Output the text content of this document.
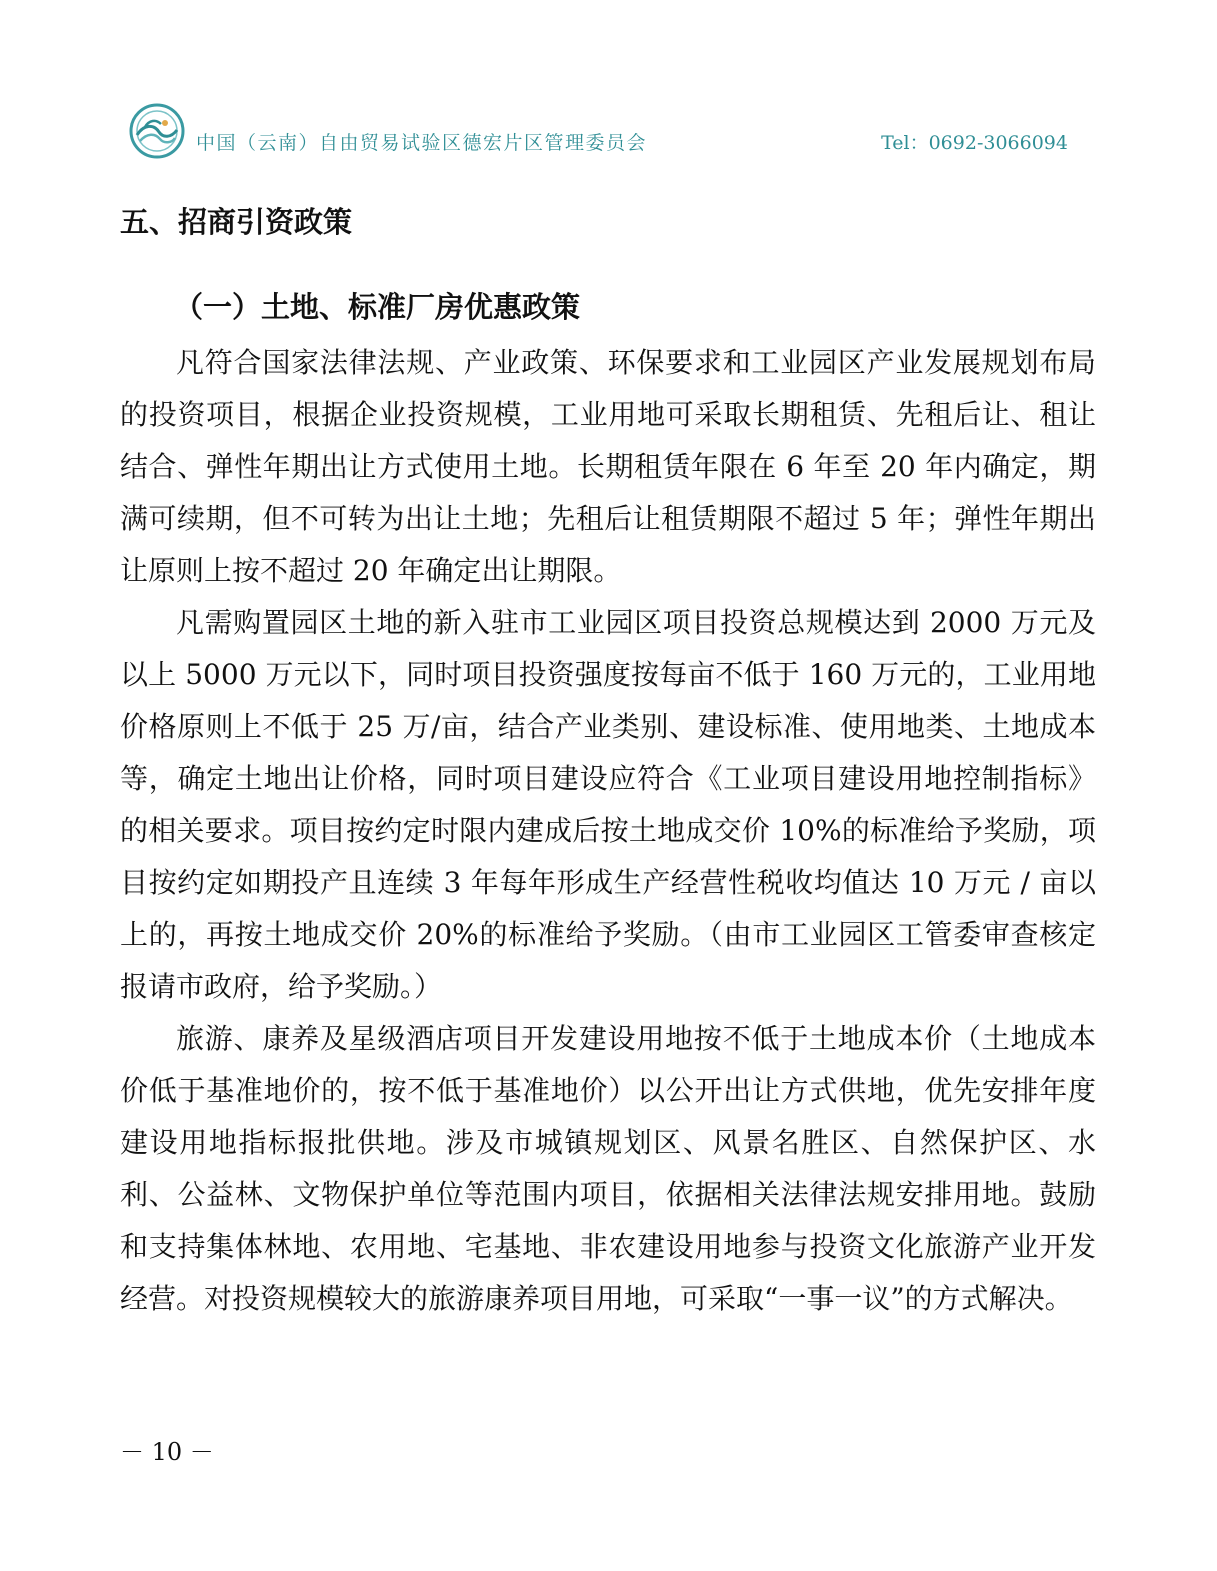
中国（云南）自由贸易试验区德宏片区管理委员会	Tel：0692-3066094
五、招商引资政策
（一）土地、标准厂房优惠政策

凡符合国家法律法规、产业政策、环保要求和工业园区产业发展规划布局的投资项目，根据企业投资规模，工业用地可采取长期租赁、先租后让、租让结合、弹性年期出让方式使用土地。长期租赁年限在 6 年至 20 年内确定，期满可续期，但不可转为出让土地；先租后让租赁期限不超过 5 年；弹性年期出让原则上按不超过 20 年确定出让期限。

凡需购置园区土地的新入驻市工业园区项目投资总规模达到 2000 万元及以上 5000 万元以下，同时项目投资强度按每亩不低于 160 万元的，工业用地价格原则上不低于 25 万/亩，结合产业类别、建设标准、使用地类、土地成本等，确定土地出让价格，同时项目建设应符合《工业项目建设用地控制指标》的相关要求。项目按约定时限内建成后按土地成交价 10%的标准给予奖励，项目按约定如期投产且连续 3 年每年形成生产经营性税收均值达 10 万元 / 亩以上的，再按土地成交价 20%的标准给予奖励。（由市工业园区工管委审查核定报请市政府，给予奖励。）

旅游、康养及星级酒店项目开发建设用地按不低于土地成本价（土地成本价低于基准地价的，按不低于基准地价）以公开出让方式供地，优先安排年度建设用地指标报批供地。涉及市城镇规划区、风景名胜区、自然保护区、水利、公益林、文物保护单位等范围内项目，依据相关法律法规安排用地。鼓励和支持集体林地、农用地、宅基地、非农建设用地参与投资文化旅游产业开发经营。对投资规模较大的旅游康养项目用地，可采取“一事一议”的方式解决。

－ 10 －
